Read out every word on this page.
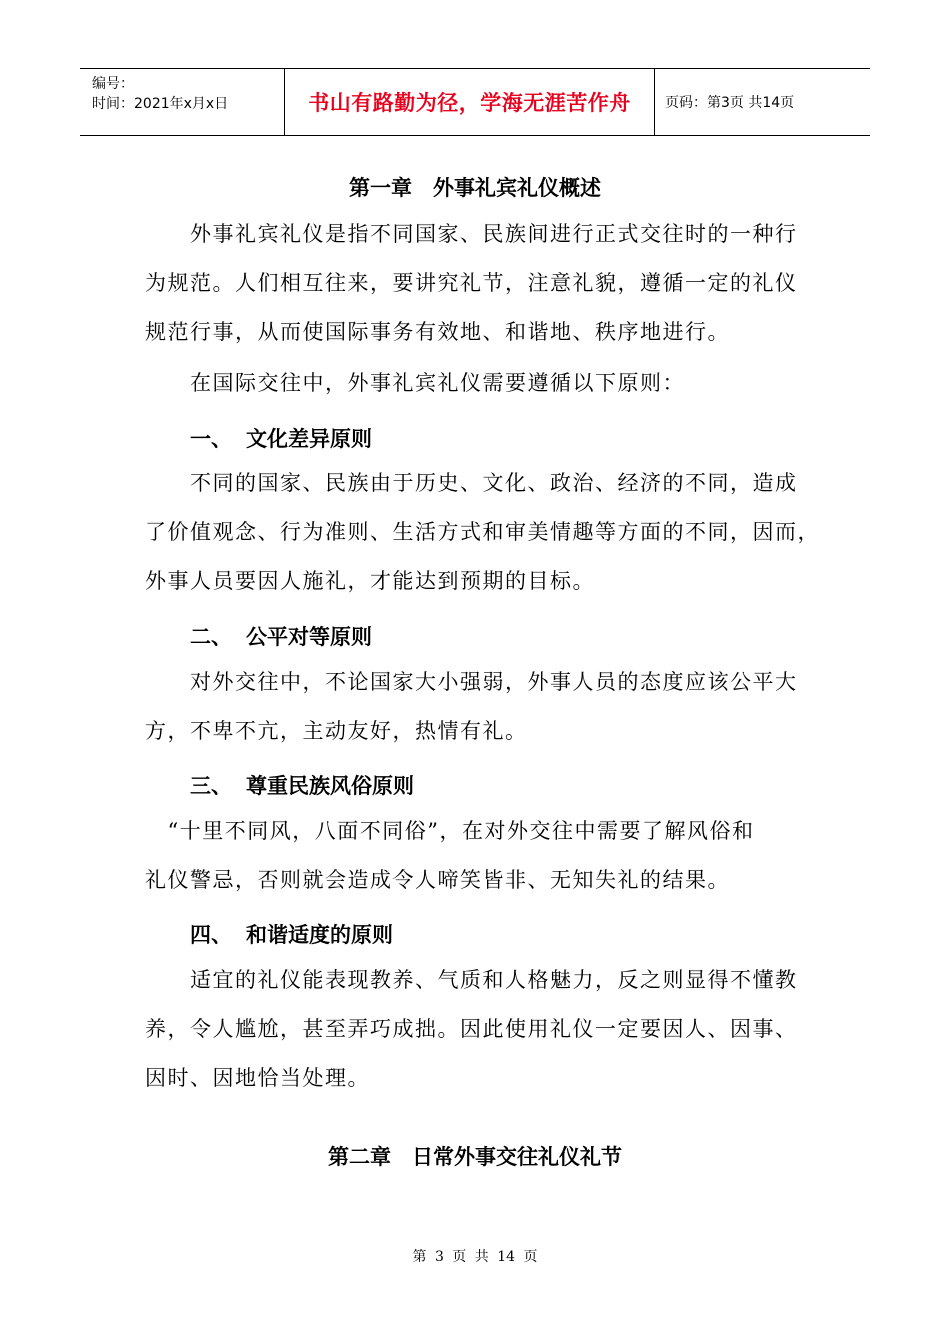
编号：
时间：2021年x月x日	书山有路勤为径，学海无涯苦作舟 页码：第3页 共14页
第一章　外事礼宾礼仪概述
　　外事礼宾礼仪是指不同国家、民族间进行正式交往时的一种行
为规范。人们相互往来，要讲究礼节，注意礼貌，遵循一定的礼仪
规范行事，从而使国际事务有效地、和谐地、秩序地进行。
　　在国际交往中，外事礼宾礼仪需要遵循以下原则：
一、 文化差异原则
　　不同的国家、民族由于历史、文化、政治、经济的不同，造成
了价值观念、行为准则、生活方式和审美情趣等方面的不同，因而，
外事人员要因人施礼，才能达到预期的目标。
二、 公平对等原则
　　对外交往中，不论国家大小强弱，外事人员的态度应该公平大
方，不卑不亢，主动友好，热情有礼。
三、 尊重民族风俗原则
　“十里不同风，八面不同俗”，在对外交往中需要了解风俗和
礼仪警忌，否则就会造成令人啼笑皆非、无知失礼的结果。
四、 和谐适度的原则
　　适宜的礼仪能表现教养、气质和人格魅力，反之则显得不懂教
养，令人尴尬，甚至弄巧成拙。因此使用礼仪一定要因人、因事、
因时、因地恰当处理。
第二章　日常外事交往礼仪礼节
第 3 页 共 14 页
